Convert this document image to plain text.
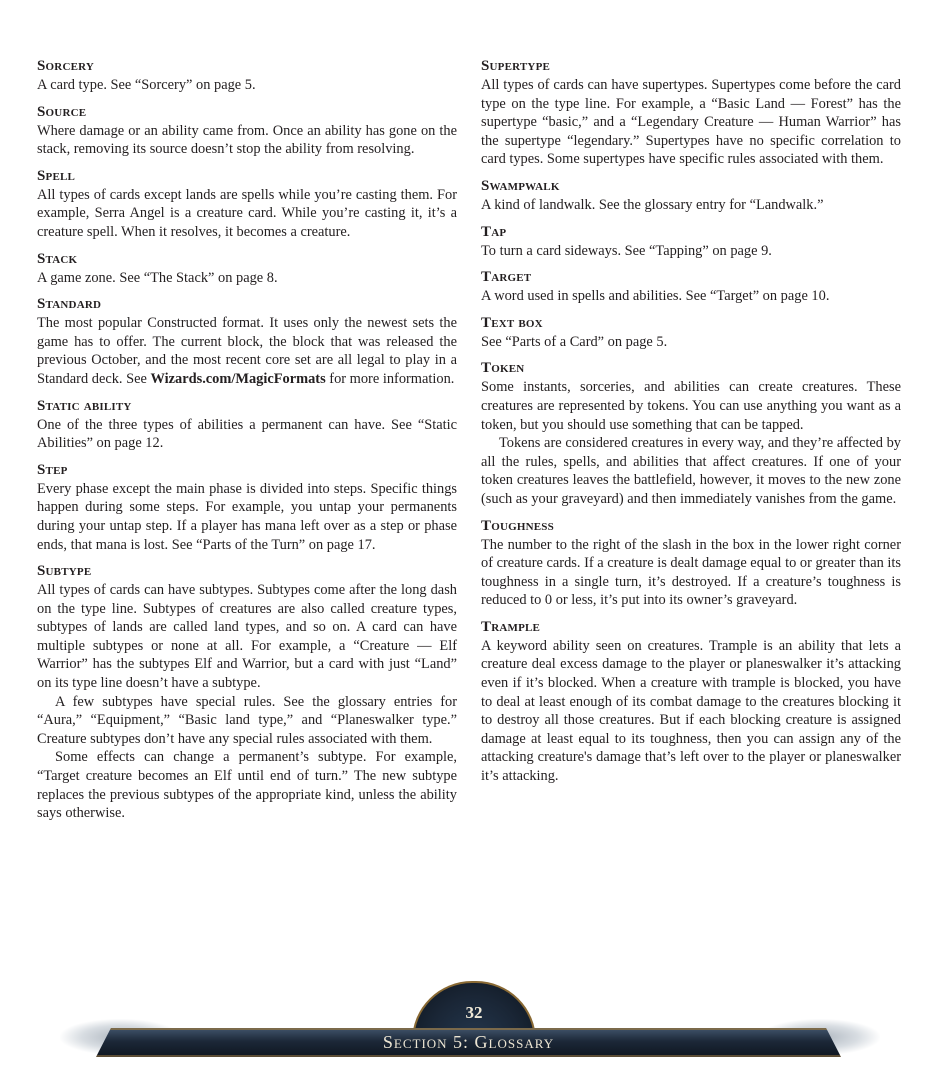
Sorcery

A card type. See “Sorcery” on page 5.

Source

Where damage or an ability came from. Once an ability has gone on the stack, removing its source doesn’t stop the ability from resolving.

Spell

All types of cards except lands are spells while you’re casting them. For example, Serra Angel is a creature card. While you’re casting it, it’s a creature spell. When it resolves, it becomes a creature.

Stack

A game zone. See “The Stack” on page 8.

Standard

The most popular Constructed format. It uses only the newest sets the game has to offer. The current block, the block that was released the previous October, and the most recent core set are all legal to play in a Standard deck. See Wizards.com/MagicFormats for more information.

Static ability

One of the three types of abilities a permanent can have. See “Static Abilities” on page 12.

Step

Every phase except the main phase is divided into steps. Specific things happen during some steps. For example, you untap your permanents during your untap step. If a player has mana left over as a step or phase ends, that mana is lost. See “Parts of the Turn” on page 17.

Subtype

All types of cards can have subtypes. Subtypes come after the long dash on the type line. Subtypes of creatures are also called creature types, subtypes of lands are called land types, and so on. A card can have multiple subtypes or none at all. For example, a “Creature — Elf Warrior” has the subtypes Elf and Warrior, but a card with just “Land” on its type line doesn’t have a subtype.

A few subtypes have special rules. See the glossary entries for “Aura,” “Equipment,” “Basic land type,” and “Planeswalker type.” Creature subtypes don’t have any special rules associated with them.

Some effects can change a permanent’s subtype. For example, “Target creature becomes an Elf until end of turn.” The new subtype replaces the previous subtypes of the appropriate kind, unless the ability says otherwise.

Supertype

All types of cards can have supertypes. Supertypes come before the card type on the type line. For example, a “Basic Land — Forest” has the supertype “basic,” and a “Legendary Creature — Human Warrior” has the supertype “legendary.” Supertypes have no specific correlation to card types. Some supertypes have specific rules associated with them.

Swampwalk

A kind of landwalk. See the glossary entry for “Landwalk.”

Tap

To turn a card sideways. See “Tapping” on page 9.

Target

A word used in spells and abilities. See “Target” on page 10.

Text box

See “Parts of a Card” on page 5.

Token

Some instants, sorceries, and abilities can create creatures. These creatures are represented by tokens. You can use anything you want as a token, but you should use something that can be tapped.

Tokens are considered creatures in every way, and they’re affected by all the rules, spells, and abilities that affect creatures. If one of your token creatures leaves the battlefield, however, it moves to the new zone (such as your graveyard) and then immediately vanishes from the game.

Toughness

The number to the right of the slash in the box in the lower right corner of creature cards. If a creature is dealt damage equal to or greater than its toughness in a single turn, it’s destroyed. If a creature’s toughness is reduced to 0 or less, it’s put into its owner’s graveyard.

Trample

A keyword ability seen on creatures. Trample is an ability that lets a creature deal excess damage to the player or planeswalker it’s attacking even if it’s blocked. When a creature with trample is blocked, you have to deal at least enough of its combat damage to the creatures blocking it to destroy all those creatures. But if each blocking creature is assigned damage at least equal to its toughness, then you can assign any of the attacking creature's damage that’s left over to the player or planeswalker it’s attacking.

32
Section 5: Glossary
